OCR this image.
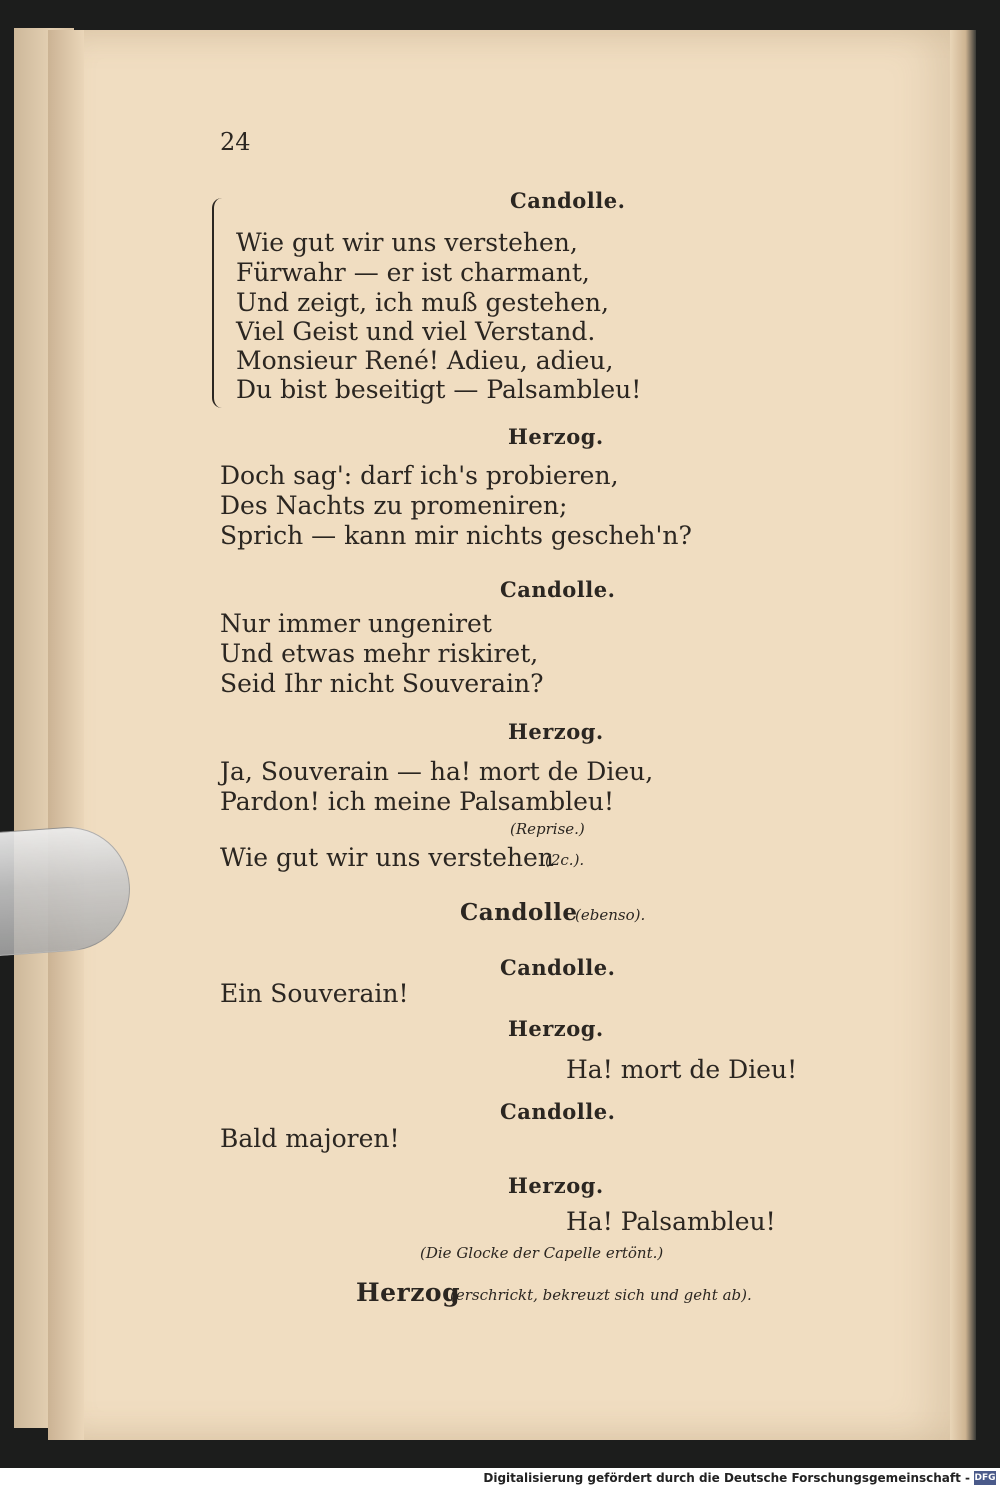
24
Candolle.
Wie gut wir uns verstehen,
Fürwahr — er ist charmant,
Und zeigt, ich muß gestehen,
Viel Geist und viel Verstand.
Monsieur René! Adieu, adieu,
Du bist beseitigt — Palsambleu!
Herzog.
Doch sag': darf ich's probieren,
Des Nachts zu promeniren;
Sprich — kann mir nichts gescheh'n?
Candolle.
Nur immer ungeniret
Und etwas mehr riskiret,
Seid Ihr nicht Souverain?
Herzog.
Ja, Souverain — ha! mort de Dieu,
Pardon! ich meine Palsambleu!
(Reprise.)
Wie gut wir uns verstehen
(2c.).
Candolle
(ebenso).
Candolle.
Ein Souverain!
Herzog.
Ha! mort de Dieu!
Candolle.
Bald majoren!
Herzog.
Ha! Palsambleu!
(Die Glocke der Capelle ertönt.)
Herzog
(erschrickt, bekreuzt sich und geht ab).
Digitalisierung gefördert durch die Deutsche Forschungsgemeinschaft - DFG
